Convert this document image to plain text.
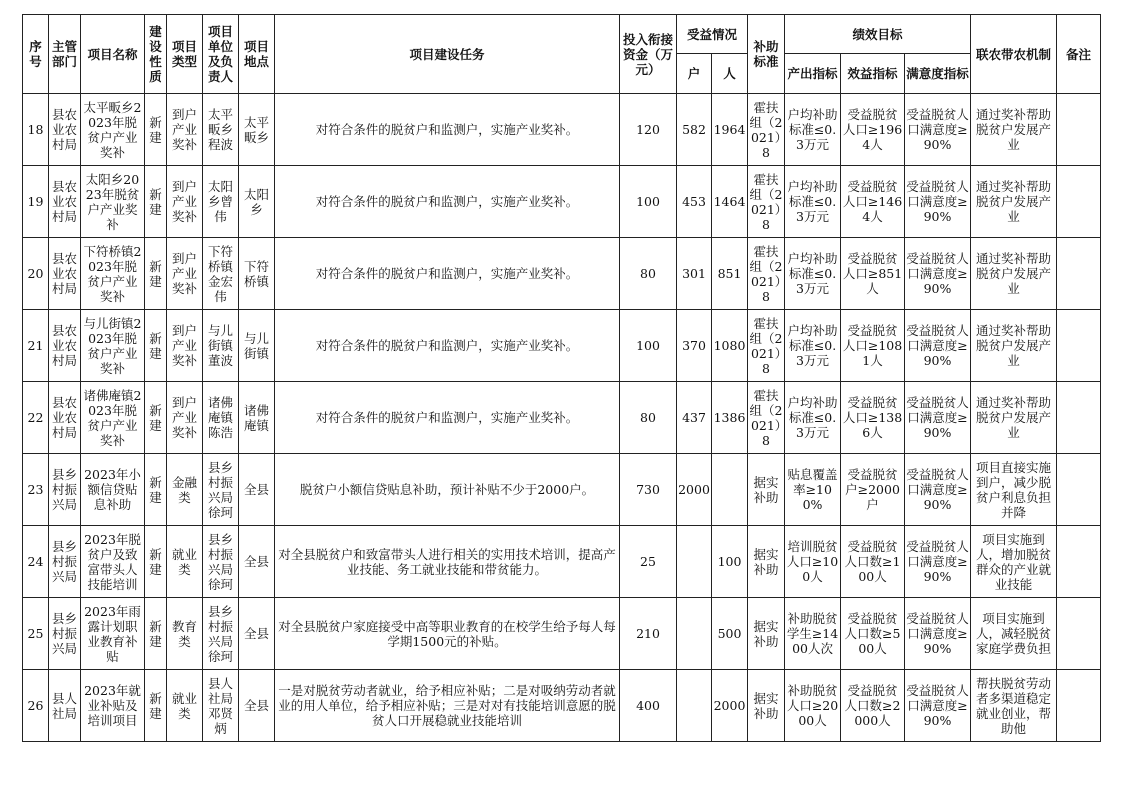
序号	主管部门	项目名称	建设性质	项目类型	项目单位及负责人	项目地点	项目建设任务	投入衔接资金（万元）	受益情况		补助标准	绩效目标			联农带农机制	备注
									户	人		产出指标	效益指标	满意度指标		

18	县农业农村局	太平畈乡2023年脱贫户产业奖补	新建	到户产业奖补	太平畈乡程波	太平畈乡	对符合条件的脱贫户和监测户，实施产业奖补。	120	582	1964	霍扶组（2021）8	户均补助标准≤0.3万元	受益脱贫人口≥1964人	受益脱贫人口满意度≥90%	通过奖补帮助脱贫户发展产业	

19	县农业农村局	太阳乡2023年脱贫户产业奖补	新建	到户产业奖补	太阳乡曾伟	太阳乡	对符合条件的脱贫户和监测户，实施产业奖补。	100	453	1464	霍扶组（2021）8	户均补助标准≤0.3万元	受益脱贫人口≥1464人	受益脱贫人口满意度≥90%	通过奖补帮助脱贫户发展产业	

20	县农业农村局	下符桥镇2023年脱贫户产业奖补	新建	到户产业奖补	下符桥镇金宏伟	下符桥镇	对符合条件的脱贫户和监测户，实施产业奖补。	80	301	851	霍扶组（2021）8	户均补助标准≤0.3万元	受益脱贫人口≥851人	受益脱贫人口满意度≥90%	通过奖补帮助脱贫户发展产业	

21	县农业农村局	与儿街镇2023年脱贫户产业奖补	新建	到户产业奖补	与儿街镇董波	与儿街镇	对符合条件的脱贫户和监测户，实施产业奖补。	100	370	1080	霍扶组（2021）8	户均补助标准≤0.3万元	受益脱贫人口≥1081人	受益脱贫人口满意度≥90%	通过奖补帮助脱贫户发展产业	

22	县农业农村局	诸佛庵镇2023年脱贫户产业奖补	新建	到户产业奖补	诸佛庵镇陈浩	诸佛庵镇	对符合条件的脱贫户和监测户，实施产业奖补。	80	437	1386	霍扶组（2021）8	户均补助标准≤0.3万元	受益脱贫人口≥1386人	受益脱贫人口满意度≥90%	通过奖补帮助脱贫户发展产业	

23	县乡村振兴局	2023年小额信贷贴息补助	新建	金融类	县乡村振兴局徐珂	全县	脱贫户小额信贷贴息补助，预计补贴不少于2000户。	730	2000		据实补助	贴息覆盖率≥100%	受益脱贫户≥2000户	受益脱贫人口满意度≥90%	项目直接实施到户，减少脱贫户利息负担并降	

24	县乡村振兴局	2023年脱贫户及致富带头人技能培训	新建	就业类	县乡村振兴局徐珂	全县	对全县脱贫户和致富带头人进行相关的实用技术培训，提高产业技能、务工就业技能和带贫能力。	25		100	据实补助	培训脱贫人口≥100人	受益脱贫人口数≥100人	受益脱贫人口满意度≥90%	项目实施到人，增加脱贫群众的产业就业技能	

25	县乡村振兴局	2023年雨露计划职业教育补贴	新建	教育类	县乡村振兴局徐珂	全县	对全县脱贫户家庭接受中高等职业教育的在校学生给予每人每学期1500元的补贴。	210		500	据实补助	补助脱贫学生≥1400人次	受益脱贫人口数≥500人	受益脱贫人口满意度≥90%	项目实施到人，减轻脱贫家庭学费负担	

26	县人社局	2023年就业补贴及培训项目	新建	就业类	县人社局邓贤炳	全县	一是对脱贫劳动者就业，给予相应补贴；二是对吸纳劳动者就业的用人单位，给予相应补贴；三是对对有技能培训意愿的脱贫人口开展稳就业技能培训	400		2000	据实补助	补助脱贫人口≥2000人	受益脱贫人口数≥2000人	受益脱贫人口满意度≥90%	帮扶脱贫劳动者多渠道稳定就业创业，帮助他	
